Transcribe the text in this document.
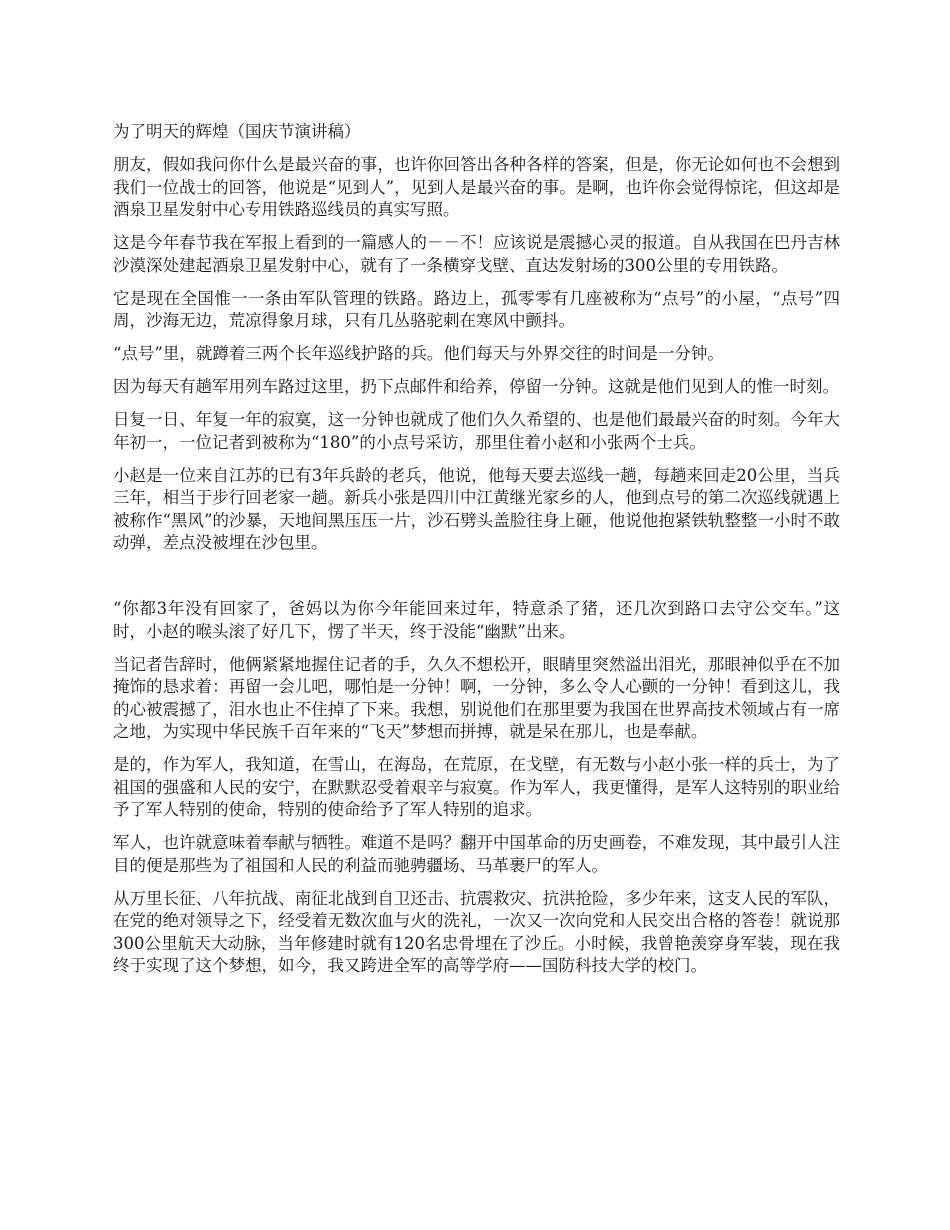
为了明天的辉煌（国庆节演讲稿）

朋友，假如我问你什么是最兴奋的事，也许你回答出各种各样的答案，但是，你无论如何也不会想到我们一位战士的回答，他说是“见到人”，见到人是最兴奋的事。是啊，也许你会觉得惊诧，但这却是酒泉卫星发射中心专用铁路巡线员的真实写照。

这是今年春节我在军报上看到的一篇感人的－－不！应该说是震撼心灵的报道。自从我国在巴丹吉林沙漠深处建起酒泉卫星发射中心，就有了一条横穿戈壁、直达发射场的300公里的专用铁路。

它是现在全国惟一一条由军队管理的铁路。路边上，孤零零有几座被称为“点号”的小屋，“点号”四周，沙海无边，荒凉得象月球，只有几丛骆驼刺在寒风中颤抖。

“点号”里，就蹲着三两个长年巡线护路的兵。他们每天与外界交往的时间是一分钟。

因为每天有趟军用列车路过这里，扔下点邮件和给养，停留一分钟。这就是他们见到人的惟一时刻。

日复一日、年复一年的寂寞，这一分钟也就成了他们久久希望的、也是他们最最兴奋的时刻。今年大年初一，一位记者到被称为“180”的小点号采访，那里住着小赵和小张两个士兵。

小赵是一位来自江苏的已有3年兵龄的老兵，他说，他每天要去巡线一趟，每趟来回走20公里，当兵三年，相当于步行回老家一趟。新兵小张是四川中江黄继光家乡的人，他到点号的第二次巡线就遇上被称作“黑风”的沙暴，天地间黑压压一片，沙石劈头盖脸往身上砸，他说他抱紧铁轨整整一小时不敢动弹，差点没被埋在沙包里。

“你都3年没有回家了，爸妈以为你今年能回来过年，特意杀了猪，还几次到路口去守公交车。”这时，小赵的喉头滚了好几下，愣了半天，终于没能“幽默”出来。

当记者告辞时，他俩紧紧地握住记者的手，久久不想松开，眼睛里突然溢出泪光，那眼神似乎在不加掩饰的恳求着：再留一会儿吧，哪怕是一分钟！啊，一分钟，多么令人心颤的一分钟！看到这儿，我的心被震撼了，泪水也止不住掉了下来。我想，别说他们在那里要为我国在世界高技术领域占有一席之地，为实现中华民族千百年来的“飞天”梦想而拼搏，就是呆在那儿，也是奉献。

是的，作为军人，我知道，在雪山，在海岛，在荒原，在戈壁，有无数与小赵小张一样的兵士，为了祖国的强盛和人民的安宁，在默默忍受着艰辛与寂寞。作为军人，我更懂得，是军人这特别的职业给予了军人特别的使命，特别的使命给予了军人特别的追求。

军人，也许就意味着奉献与牺牲。难道不是吗？翻开中国革命的历史画卷，不难发现，其中最引人注目的便是那些为了祖国和人民的利益而驰骋疆场、马革裹尸的军人。

从万里长征、八年抗战、南征北战到自卫还击、抗震救灾、抗洪抢险，多少年来，这支人民的军队，在党的绝对领导之下，经受着无数次血与火的洗礼，一次又一次向党和人民交出合格的答卷！就说那300公里航天大动脉，当年修建时就有120名忠骨埋在了沙丘。小时候，我曾艳羡穿身军装，现在我终于实现了这个梦想，如今，我又跨进全军的高等学府——国防科技大学的校门。
